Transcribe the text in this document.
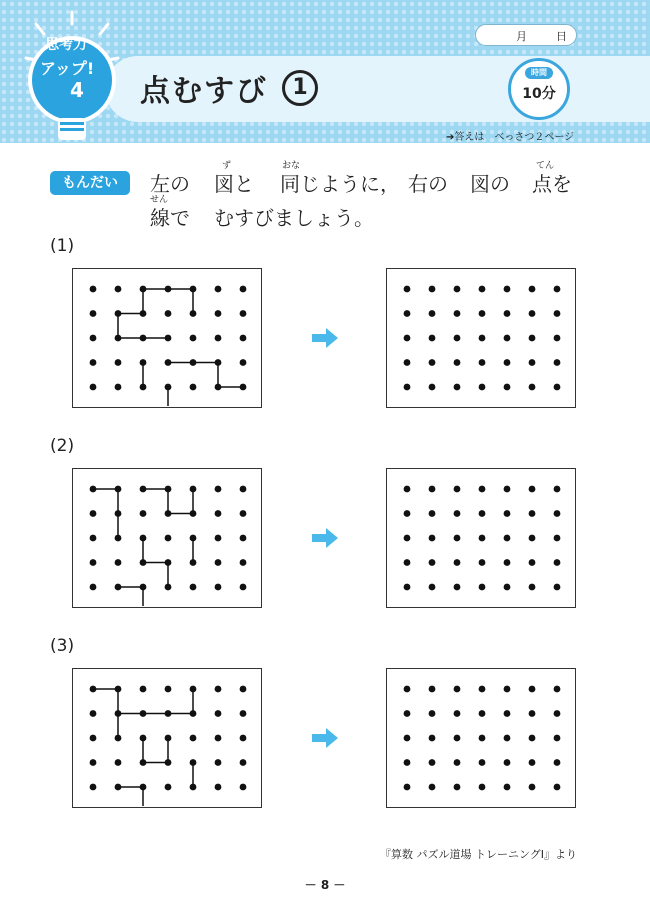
思考力
アップ!
4 点むすび	1
月	日
時間
10分
➔答えは　べっさつ２ページ
もんだい
ず	おな	てん
せん
左の 図と 同じように， 右の 図の 点を
線で むすびましょう。
(1)
(2)
(3)
『算数 パズル道場 トレーニングⅠ』より
－ 8 －
